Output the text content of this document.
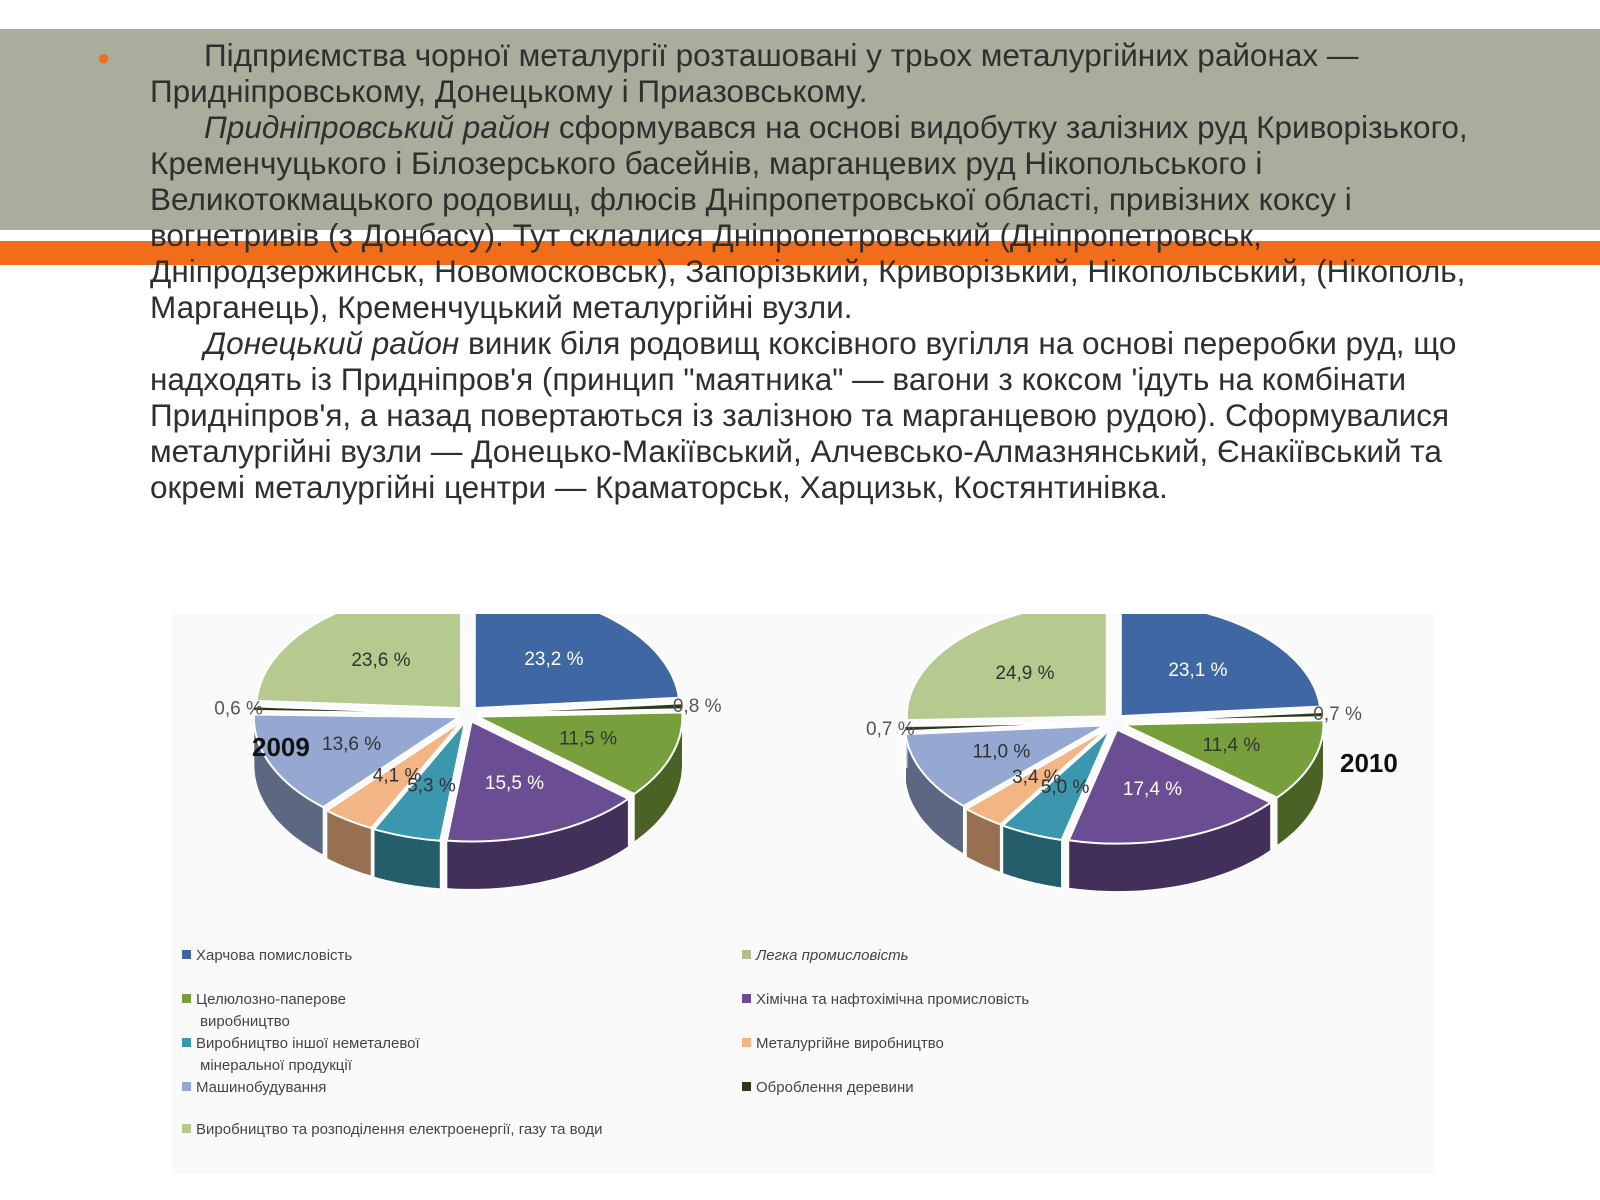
●	Підприємства чорної металургії розташовані у трьох металургійних районах — Придніпровському, Донецькому і Приазовському.

Придніпровський район сформувався на основі видобутку залізних руд Криворізького, Кременчуцького і Білозерського басейнів, марганцевих руд Нікопольського і Великотокмацького родовищ, флюсів Дніпропетровської області, привізних коксу і вогнетривів (з Донбасу). Тут склалися Дніпропетровський (Дніпропетровськ, Дніпродзержинськ, Новомосковськ), Запорізький, Криворізький, Нікопольський, (Нікополь, Марганець), Кременчуцький металургійні вузли.

Донецький район виник біля родовищ коксівного вугілля на основі переробки руд, що надходять із Придніпров'я (принцип "маятника" — вагони з коксом 'ідуть на комбінати Придніпров'я, а назад повертаються із залізною та марганцевою рудою). Сформувалися металургійні вузли — Донецько-Макіївський, Алчевсько-Алмазнянський, Єнакіївський та окремі металургійні центри — Краматорськ, Харцизьк, Костянтинівка.

23,2 %
0,8 %
11,5 %
15,5 %
5,3 %
4,1 %
13,6 %
0,6 %
23,6 %
2009
23,1 %
0,7 %
11,4 %
17,4 %
5,0 %
3,4 %
11,0 %
0,7 %
24,9 %
2010
Харчова помисловість	Легка промисловість
Целюлозно-паперове
виробництво
Хімічна та нафтохімічна промисловість
Виробництво іншої неметалевої
мінеральної продукції
Металургійне виробництво
Машинобудування	Оброблення деревини
Виробництво та розподілення електроенергії, газу та води
